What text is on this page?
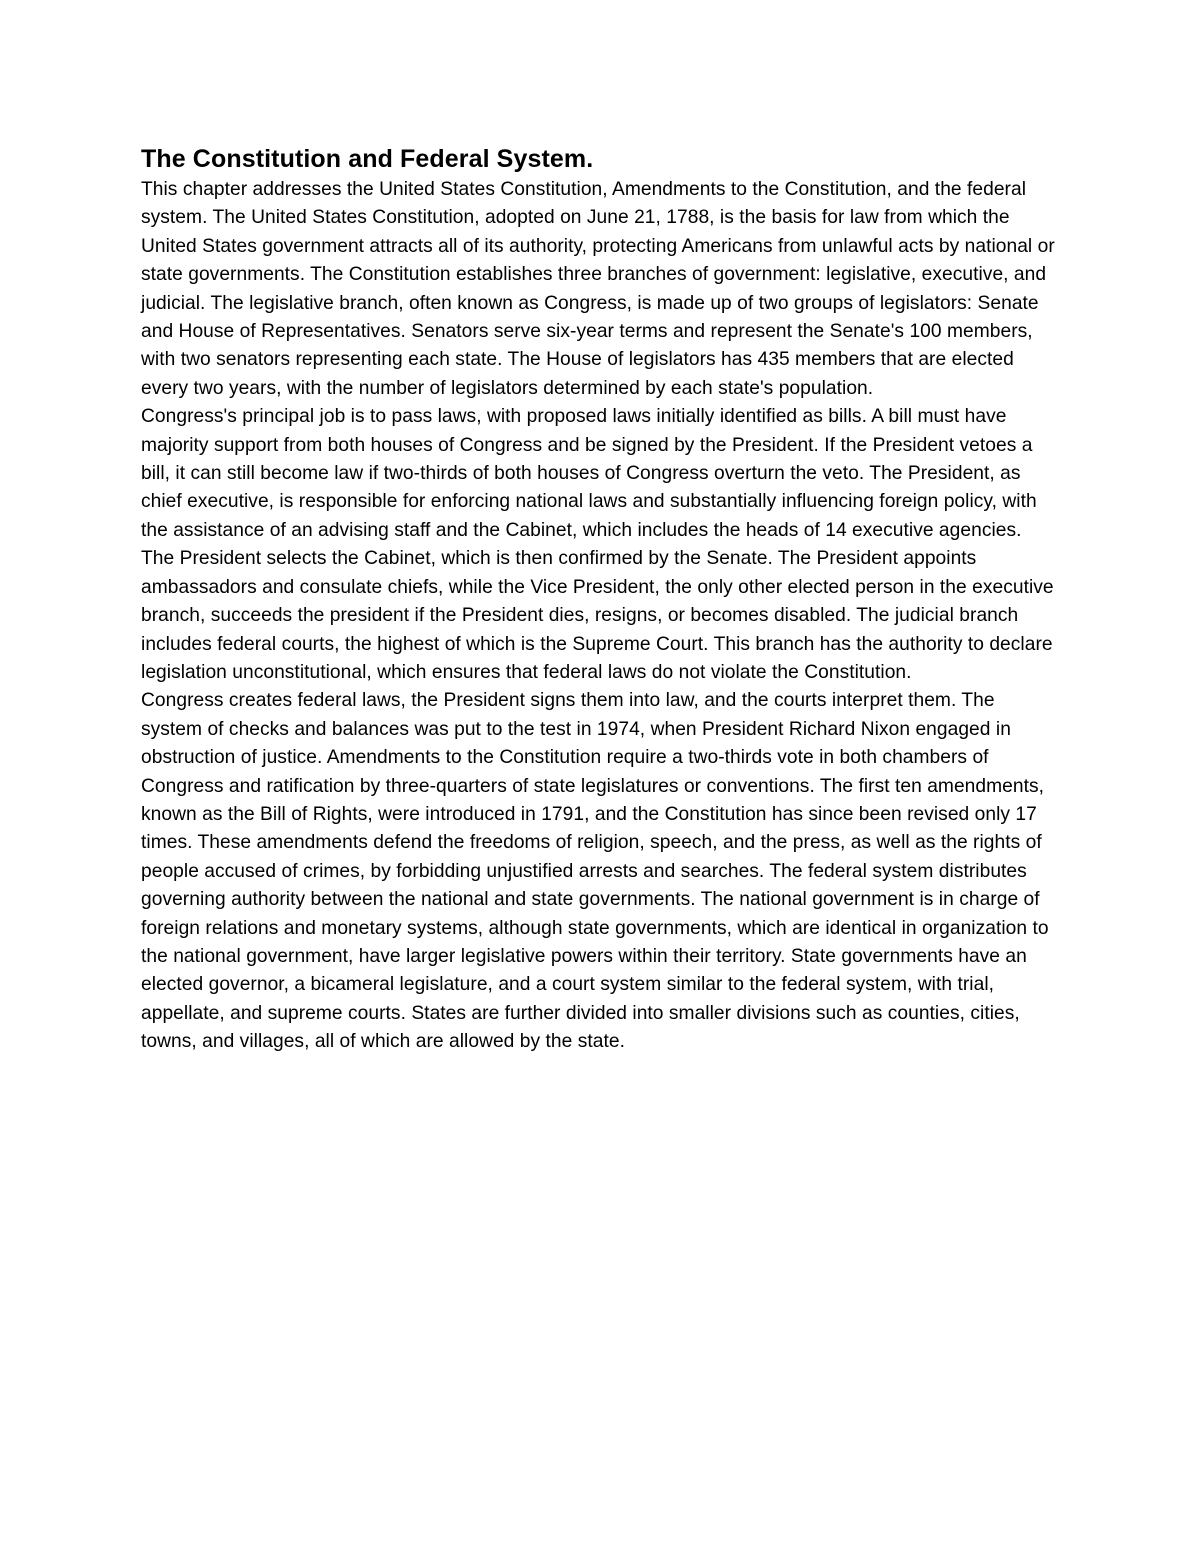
The Constitution and Federal System.

This chapter addresses the United States Constitution, Amendments to the Constitution, and the federal system. The United States Constitution, adopted on June 21, 1788, is the basis for law from which the United States government attracts all of its authority, protecting Americans from unlawful acts by national or state governments. The Constitution establishes three branches of government: legislative, executive, and judicial. The legislative branch, often known as Congress, is made up of two groups of legislators: Senate and House of Representatives. Senators serve six-year terms and represent the Senate's 100 members, with two senators representing each state. The House of legislators has 435 members that are elected every two years, with the number of legislators determined by each state's population.

Congress's principal job is to pass laws, with proposed laws initially identified as bills. A bill must have majority support from both houses of Congress and be signed by the President. If the President vetoes a bill, it can still become law if two-thirds of both houses of Congress overturn the veto. The President, as chief executive, is responsible for enforcing national laws and substantially influencing foreign policy, with the assistance of an advising staff and the Cabinet, which includes the heads of 14 executive agencies.

The President selects the Cabinet, which is then confirmed by the Senate. The President appoints ambassadors and consulate chiefs, while the Vice President, the only other elected person in the executive branch, succeeds the president if the President dies, resigns, or becomes disabled. The judicial branch includes federal courts, the highest of which is the Supreme Court. This branch has the authority to declare legislation unconstitutional, which ensures that federal laws do not violate the Constitution.

Congress creates federal laws, the President signs them into law, and the courts interpret them. The system of checks and balances was put to the test in 1974, when President Richard Nixon engaged in obstruction of justice. Amendments to the Constitution require a two-thirds vote in both chambers of Congress and ratification by three-quarters of state legislatures or conventions. The first ten amendments, known as the Bill of Rights, were introduced in 1791, and the Constitution has since been revised only 17 times. These amendments defend the freedoms of religion, speech, and the press, as well as the rights of people accused of crimes, by forbidding unjustified arrests and searches. The federal system distributes governing authority between the national and state governments. The national government is in charge of foreign relations and monetary systems, although state governments, which are identical in organization to the national government, have larger legislative powers within their territory. State governments have an elected governor, a bicameral legislature, and a court system similar to the federal system, with trial, appellate, and supreme courts. States are further divided into smaller divisions such as counties, cities, towns, and villages, all of which are allowed by the state.
